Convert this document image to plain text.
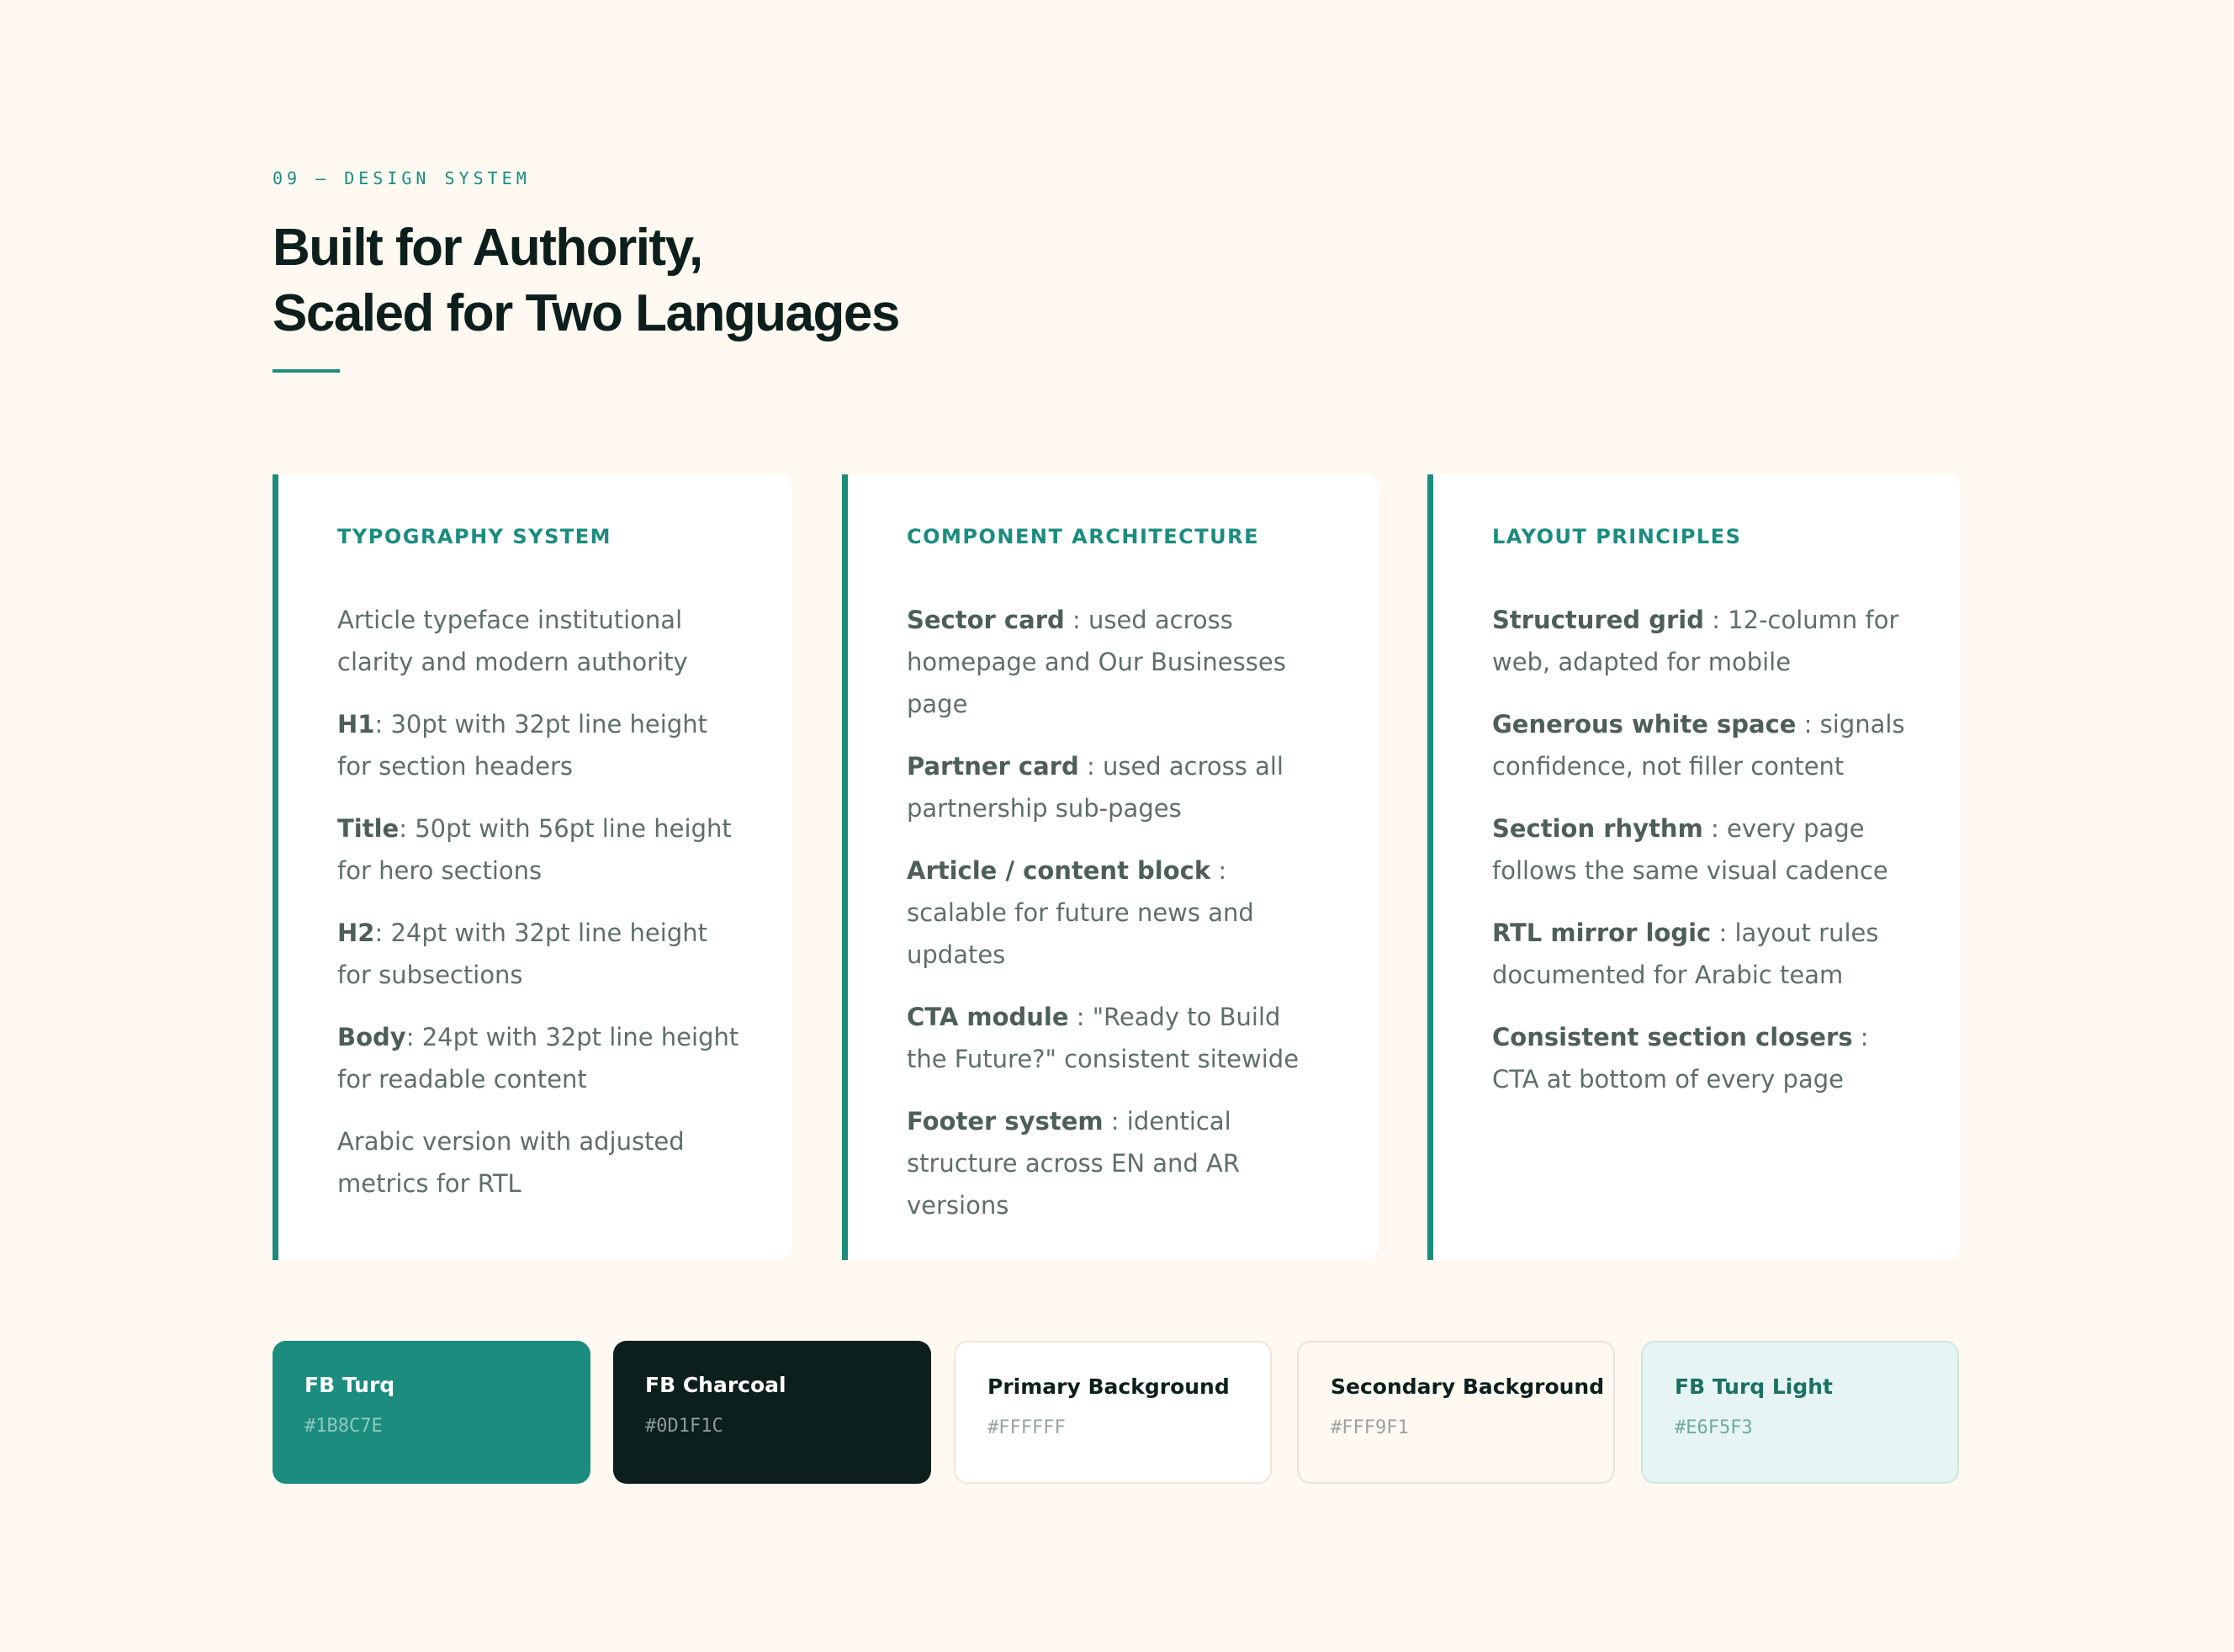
09 — DESIGN SYSTEM
Built for Authority,
Scaled for Two Languages
TYPOGRAPHY SYSTEM
Article typeface institutional clarity and modern authority
H1: 30pt with 32pt line height for section headers
Title: 50pt with 56pt line height for hero sections
H2: 24pt with 32pt line height for subsections
Body: 24pt with 32pt line height for readable content
Arabic version with adjusted metrics for RTL
COMPONENT ARCHITECTURE
Sector card : used across homepage and Our Businesses page
Partner card : used across all partnership sub-pages
Article / content block : scalable for future news and updates
CTA module : "Ready to Build the Future?" consistent sitewide
Footer system : identical structure across EN and AR versions
LAYOUT PRINCIPLES
Structured grid : 12-column for web, adapted for mobile
Generous white space : signals confidence, not filler content
Section rhythm : every page follows the same visual cadence
RTL mirror logic : layout rules documented for Arabic team
Consistent section closers : CTA at bottom of every page
FB Turq
#1B8C7E
FB Charcoal
#0D1F1C
Primary Background
#FFFFFF
Secondary Background
#FFF9F1
FB Turq Light
#E6F5F3
